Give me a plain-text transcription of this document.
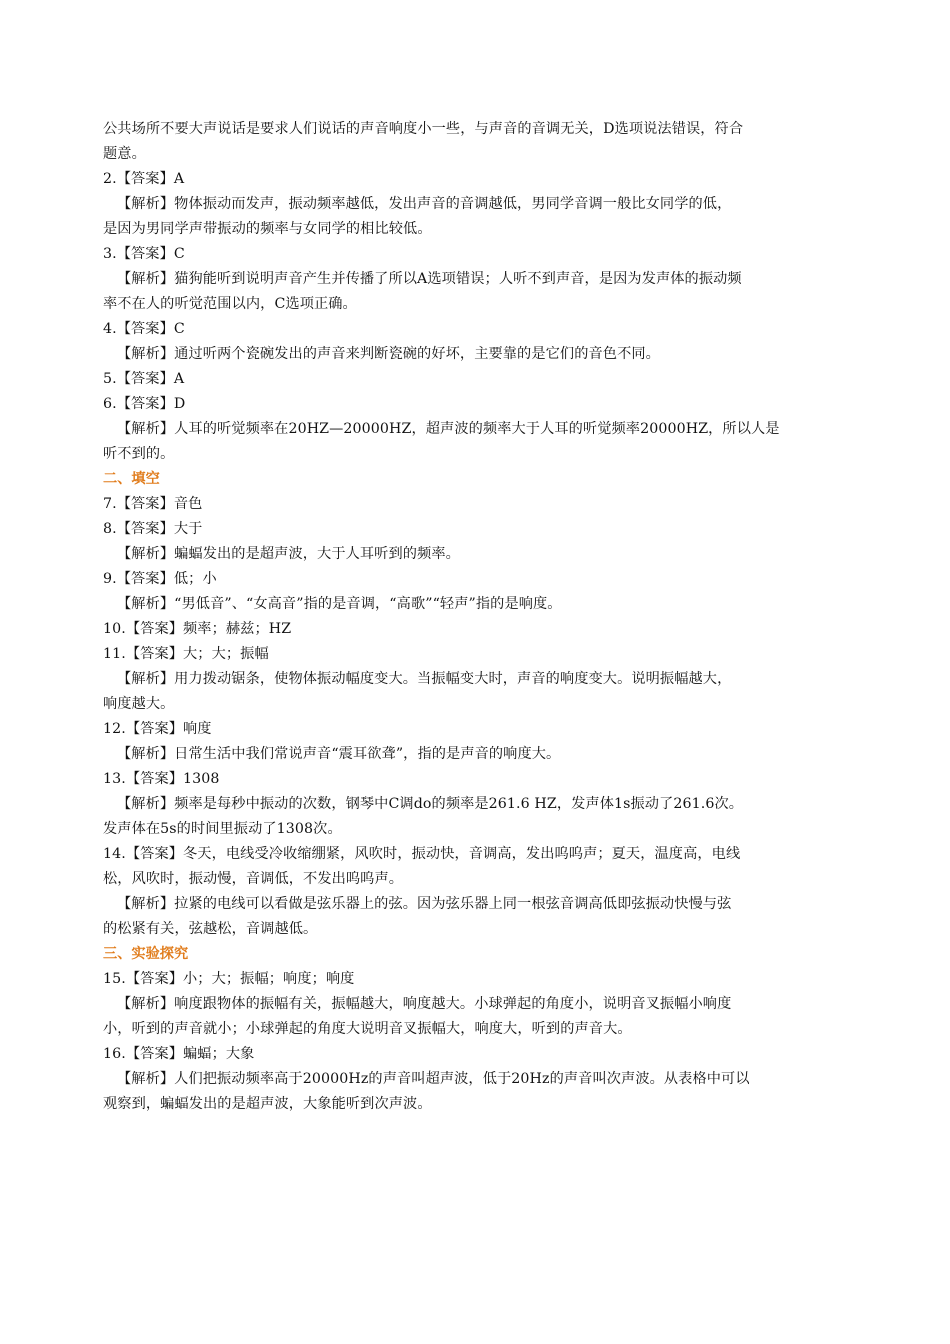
公共场所不要大声说话是要求人们说话的声音响度小一些，与声音的音调无关，D选项说法错误，符合
题意。
2.【答案】A
【解析】物体振动而发声，振动频率越低，发出声音的音调越低，男同学音调一般比女同学的低，
是因为男同学声带振动的频率与女同学的相比较低。
3.【答案】C
【解析】猫狗能听到说明声音产生并传播了所以A选项错误；人听不到声音，是因为发声体的振动频
率不在人的听觉范围以内，C选项正确。
4.【答案】C
【解析】通过听两个瓷碗发出的声音来判断瓷碗的好坏，主要靠的是它们的音色不同。
5.【答案】A
6.【答案】D
【解析】人耳的听觉频率在20HZ—20000HZ，超声波的频率大于人耳的听觉频率20000HZ，所以人是
听不到的。
二、填空
7.【答案】音色
8.【答案】大于
【解析】蝙蝠发出的是超声波，大于人耳听到的频率。
9.【答案】低；小
【解析】“男低音”、“女高音”指的是音调，“高歌”“轻声”指的是响度。
10.【答案】频率；赫兹；HZ
11.【答案】大；大；振幅
【解析】用力拨动锯条，使物体振动幅度变大。当振幅变大时，声音的响度变大。说明振幅越大，
响度越大。
12.【答案】响度
【解析】日常生活中我们常说声音“震耳欲聋”，指的是声音的响度大。
13.【答案】1308
【解析】频率是每秒中振动的次数，钢琴中C调do的频率是261.6 HZ，发声体1s振动了261.6次。
发声体在5s的时间里振动了1308次。
14.【答案】冬天，电线受冷收缩绷紧，风吹时，振动快，音调高，发出呜呜声；夏天，温度高，电线
松，风吹时，振动慢，音调低，不发出呜呜声。
【解析】拉紧的电线可以看做是弦乐器上的弦。因为弦乐器上同一根弦音调高低即弦振动快慢与弦
的松紧有关，弦越松，音调越低。
三、实验探究
15.【答案】小；大；振幅；响度；响度
【解析】响度跟物体的振幅有关，振幅越大，响度越大。小球弹起的角度小，说明音叉振幅小响度
小，听到的声音就小；小球弹起的角度大说明音叉振幅大，响度大，听到的声音大。
16.【答案】蝙蝠；大象
【解析】人们把振动频率高于20000Hz的声音叫超声波，低于20Hz的声音叫次声波。从表格中可以
观察到，蝙蝠发出的是超声波，大象能听到次声波。
